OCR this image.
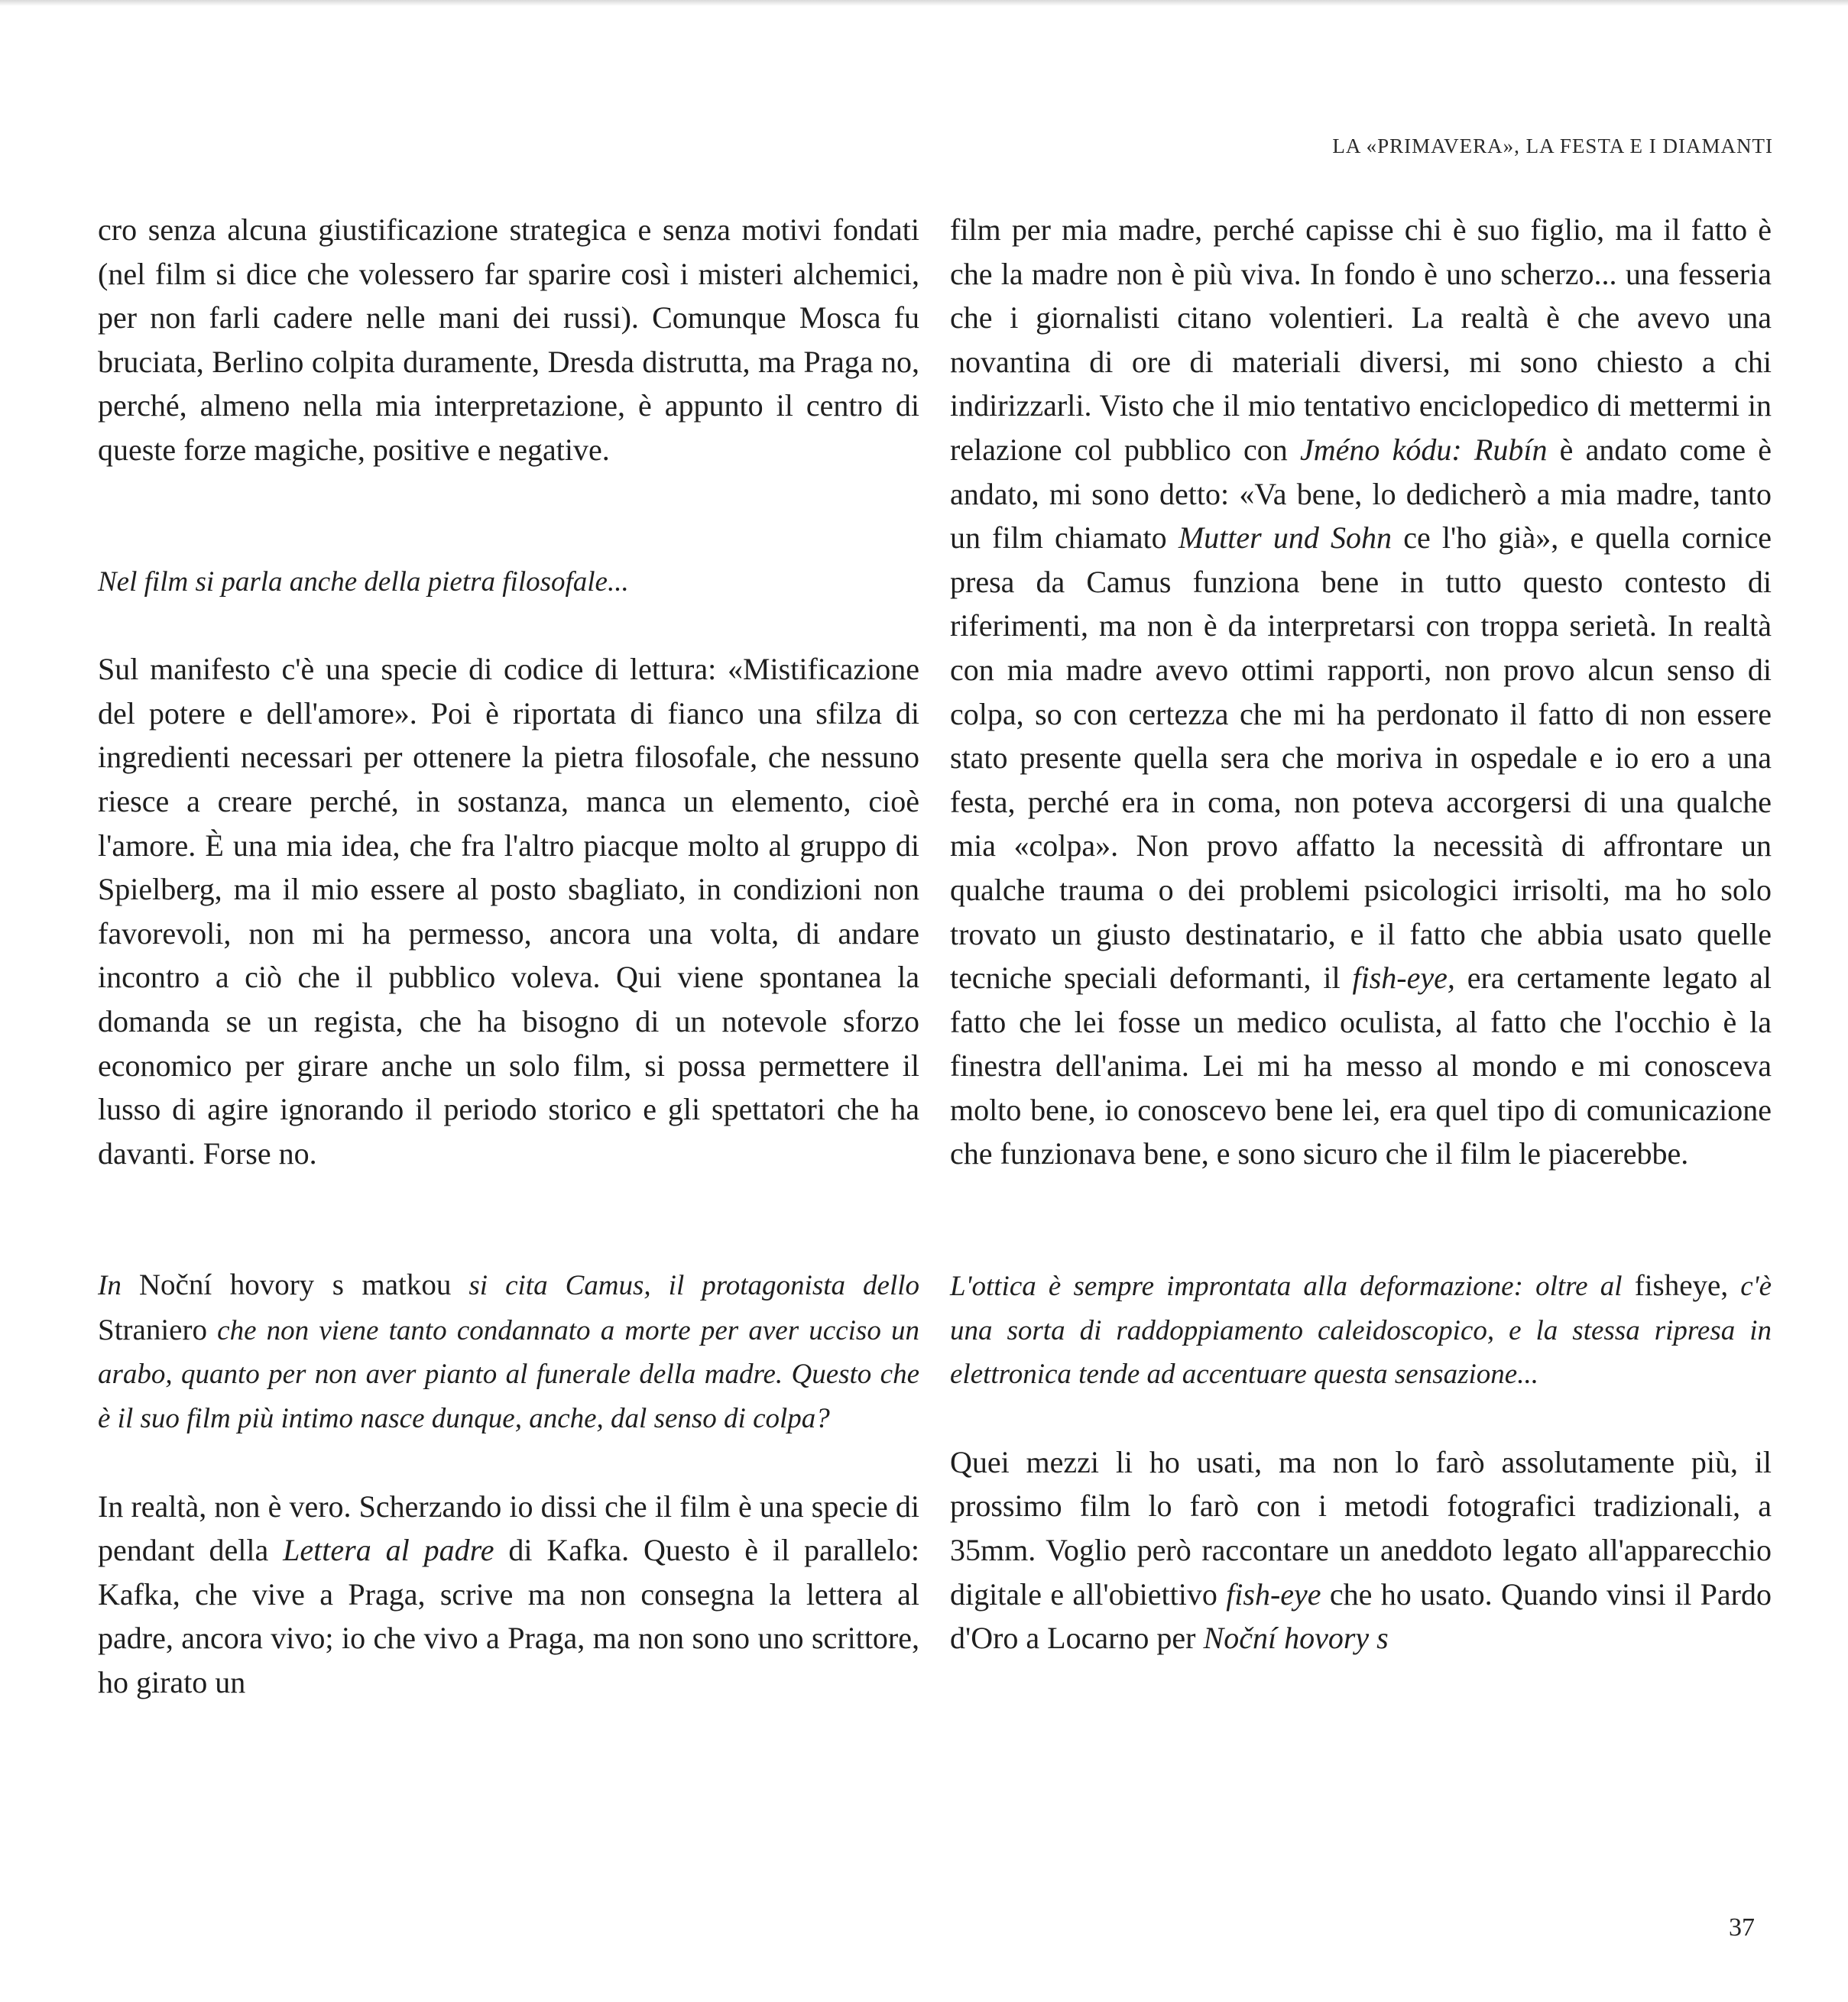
LA «PRIMAVERA», LA FESTA E I DIAMANTI

cro senza alcuna giustificazione strategica e senza motivi fondati (nel film si dice che volessero far sparire così i misteri alchemici, per non farli cadere nelle mani dei russi). Comunque Mosca fu bruciata, Berlino colpita duramente, Dresda distrutta, ma Praga no, perché, almeno nella mia interpretazione, è appunto il centro di queste forze magiche, positive e negative.

Nel film si parla anche della pietra filosofale...

Sul manifesto c'è una specie di codice di lettura: «Mistificazione del potere e dell'amore». Poi è riportata di fianco una sfilza di ingredienti necessari per ottenere la pietra filosofale, che nessuno riesce a creare perché, in sostanza, manca un elemento, cioè l'amore. È una mia idea, che fra l'altro piacque molto al gruppo di Spielberg, ma il mio essere al posto sbagliato, in condizioni non favorevoli, non mi ha permesso, ancora una volta, di andare incontro a ciò che il pubblico voleva. Qui viene spontanea la domanda se un regista, che ha bisogno di un notevole sforzo economico per girare anche un solo film, si possa permettere il lusso di agire ignorando il periodo storico e gli spettatori che ha davanti. Forse no.

In Noční hovory s matkou si cita Camus, il protagonista dello Straniero che non viene tanto condannato a morte per aver ucciso un arabo, quanto per non aver pianto al funerale della madre. Questo che è il suo film più intimo nasce dunque, anche, dal senso di colpa?

In realtà, non è vero. Scherzando io dissi che il film è una specie di pendant della Lettera al padre di Kafka. Questo è il parallelo: Kafka, che vive a Praga, scrive ma non consegna la lettera al padre, ancora vivo; io che vivo a Praga, ma non sono uno scrittore, ho girato un

film per mia madre, perché capisse chi è suo figlio, ma il fatto è che la madre non è più viva. In fondo è uno scherzo... una fesseria che i giornalisti citano volentieri. La realtà è che avevo una novantina di ore di materiali diversi, mi sono chiesto a chi indirizzarli. Visto che il mio tentativo enciclopedico di mettermi in relazione col pubblico con Jméno kódu: Rubín è andato come è andato, mi sono detto: «Va bene, lo dedicherò a mia madre, tanto un film chiamato Mutter und Sohn ce l'ho già», e quella cornice presa da Camus funziona bene in tutto questo contesto di riferimenti, ma non è da interpretarsi con troppa serietà. In realtà con mia madre avevo ottimi rapporti, non provo alcun senso di colpa, so con certezza che mi ha perdonato il fatto di non essere stato presente quella sera che moriva in ospedale e io ero a una festa, perché era in coma, non poteva accorgersi di una qualche mia «colpa». Non provo affatto la necessità di affrontare un qualche trauma o dei problemi psicologici irrisolti, ma ho solo trovato un giusto destinatario, e il fatto che abbia usato quelle tecniche speciali deformanti, il fish-eye, era certamente legato al fatto che lei fosse un medico oculista, al fatto che l'occhio è la finestra dell'anima. Lei mi ha messo al mondo e mi conosceva molto bene, io conoscevo bene lei, era quel tipo di comunicazione che funzionava bene, e sono sicuro che il film le piacerebbe.

L'ottica è sempre improntata alla deformazione: oltre al fisheye, c'è una sorta di raddoppiamento caleidoscopico, e la stessa ripresa in elettronica tende ad accentuare questa sensazione...

Quei mezzi li ho usati, ma non lo farò assolutamente più, il prossimo film lo farò con i metodi fotografici tradizionali, a 35mm. Voglio però raccontare un aneddoto legato all'apparecchio digitale e all'obiettivo fish-eye che ho usato. Quando vinsi il Pardo d'Oro a Locarno per Noční hovory s

37
